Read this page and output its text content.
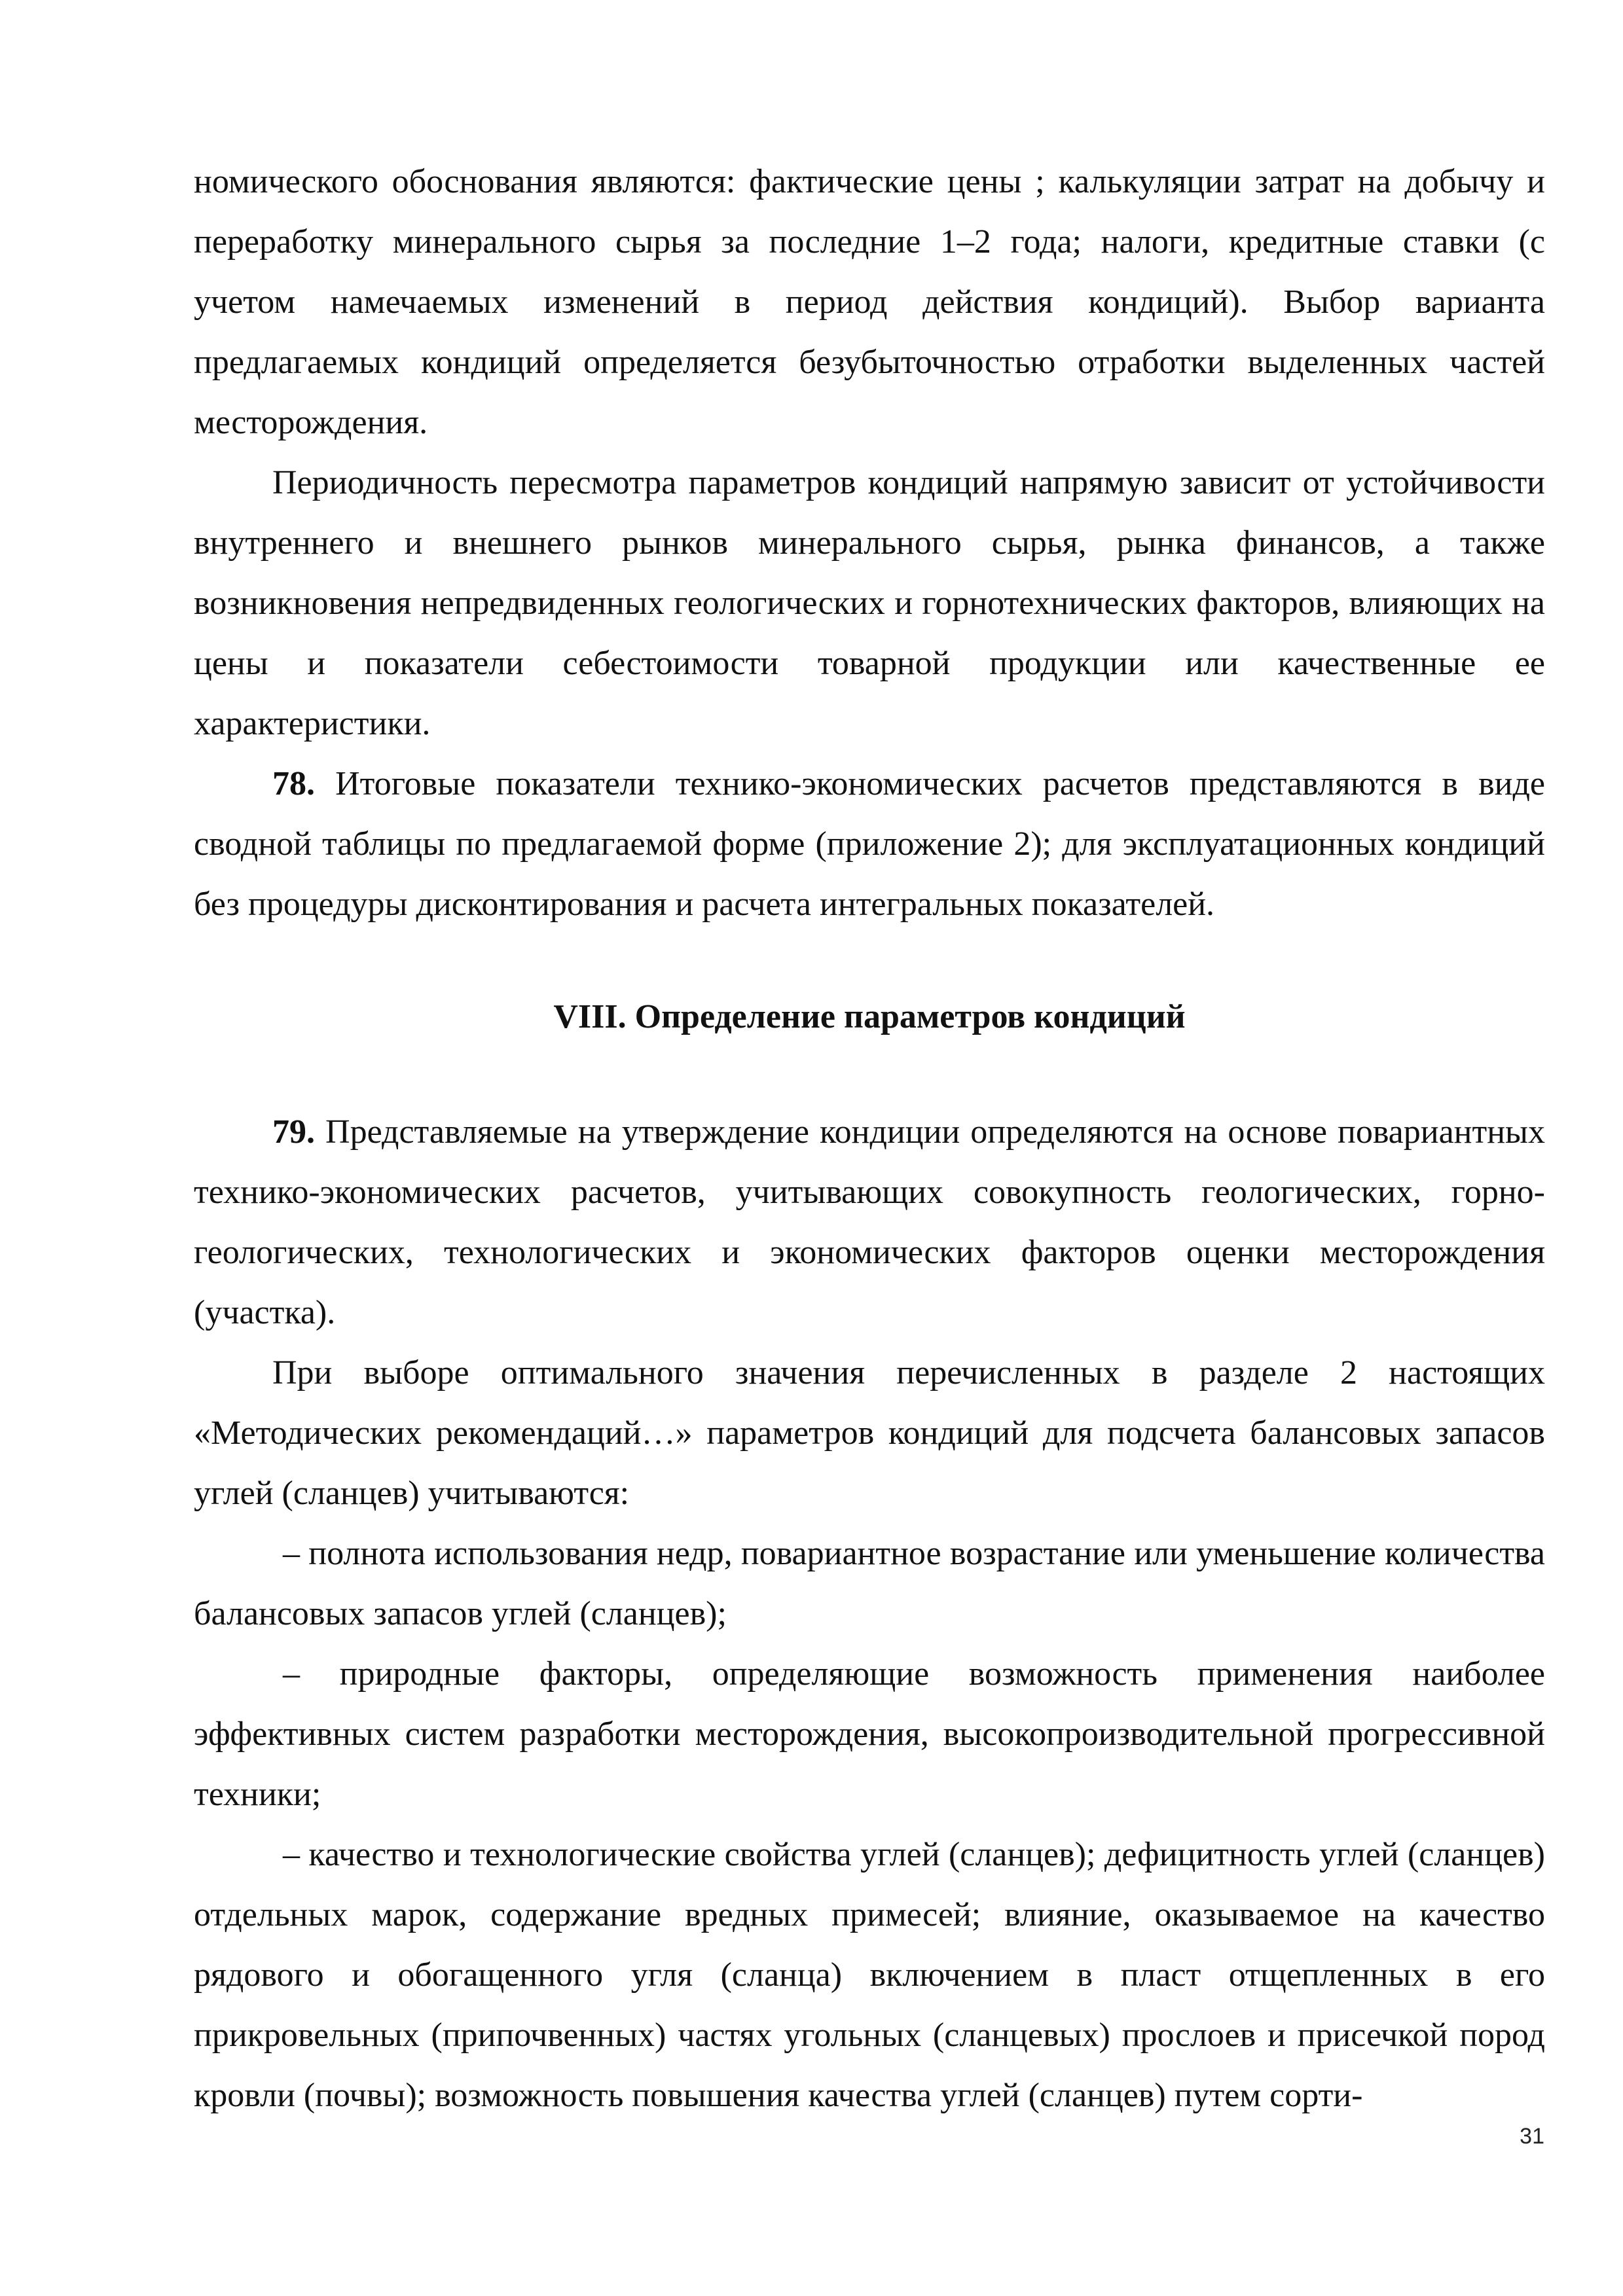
номического обоснования являются: фактические цены ; калькуляции затрат на добычу и переработку минерального сырья за последние 1–2 года; налоги, кредитные ставки (с учетом намечаемых изменений в период действия кондиций). Выбор варианта предлагаемых кондиций определяется безубыточностью отработки выделенных частей месторождения.

Периодичность пересмотра параметров кондиций напрямую зависит от устойчивости внутреннего и внешнего рынков минерального сырья, рынка финансов, а также возникновения непредвиденных геологических и горнотехнических факторов, влияющих на цены и показатели себестоимости товарной продукции или качественные ее характеристики.

78. Итоговые показатели технико-экономических расчетов представляются в виде сводной таблицы по предлагаемой форме (приложение 2); для эксплуатационных кондиций без процедуры дисконтирования и расчета интегральных показателей.

VIII. Определение параметров кондиций

79. Представляемые на утверждение кондиции определяются на основе повариантных технико-экономических расчетов, учитывающих совокупность геологических, горно-геологических, технологических и экономических факторов оценки месторождения (участка).

При выборе оптимального значения перечисленных в разделе 2 настоящих «Методических рекомендаций…» параметров кондиций для подсчета балансовых запасов углей (сланцев) учитываются:

– полнота использования недр, повариантное возрастание или уменьшение количества балансовых запасов углей (сланцев);

– природные факторы, определяющие возможность применения наиболее эффективных систем разработки месторождения, высокопроизводительной прогрессивной техники;

– качество и технологические свойства углей (сланцев); дефицитность углей (сланцев) отдельных марок, содержание вредных примесей; влияние, оказываемое на качество рядового и обогащенного угля (сланца) включением в пласт отщепленных в его прикровельных (припочвенных) частях угольных (сланцевых) прослоев и присечкой пород кровли (почвы); возможность повышения качества углей (сланцев) путем сорти-

31
